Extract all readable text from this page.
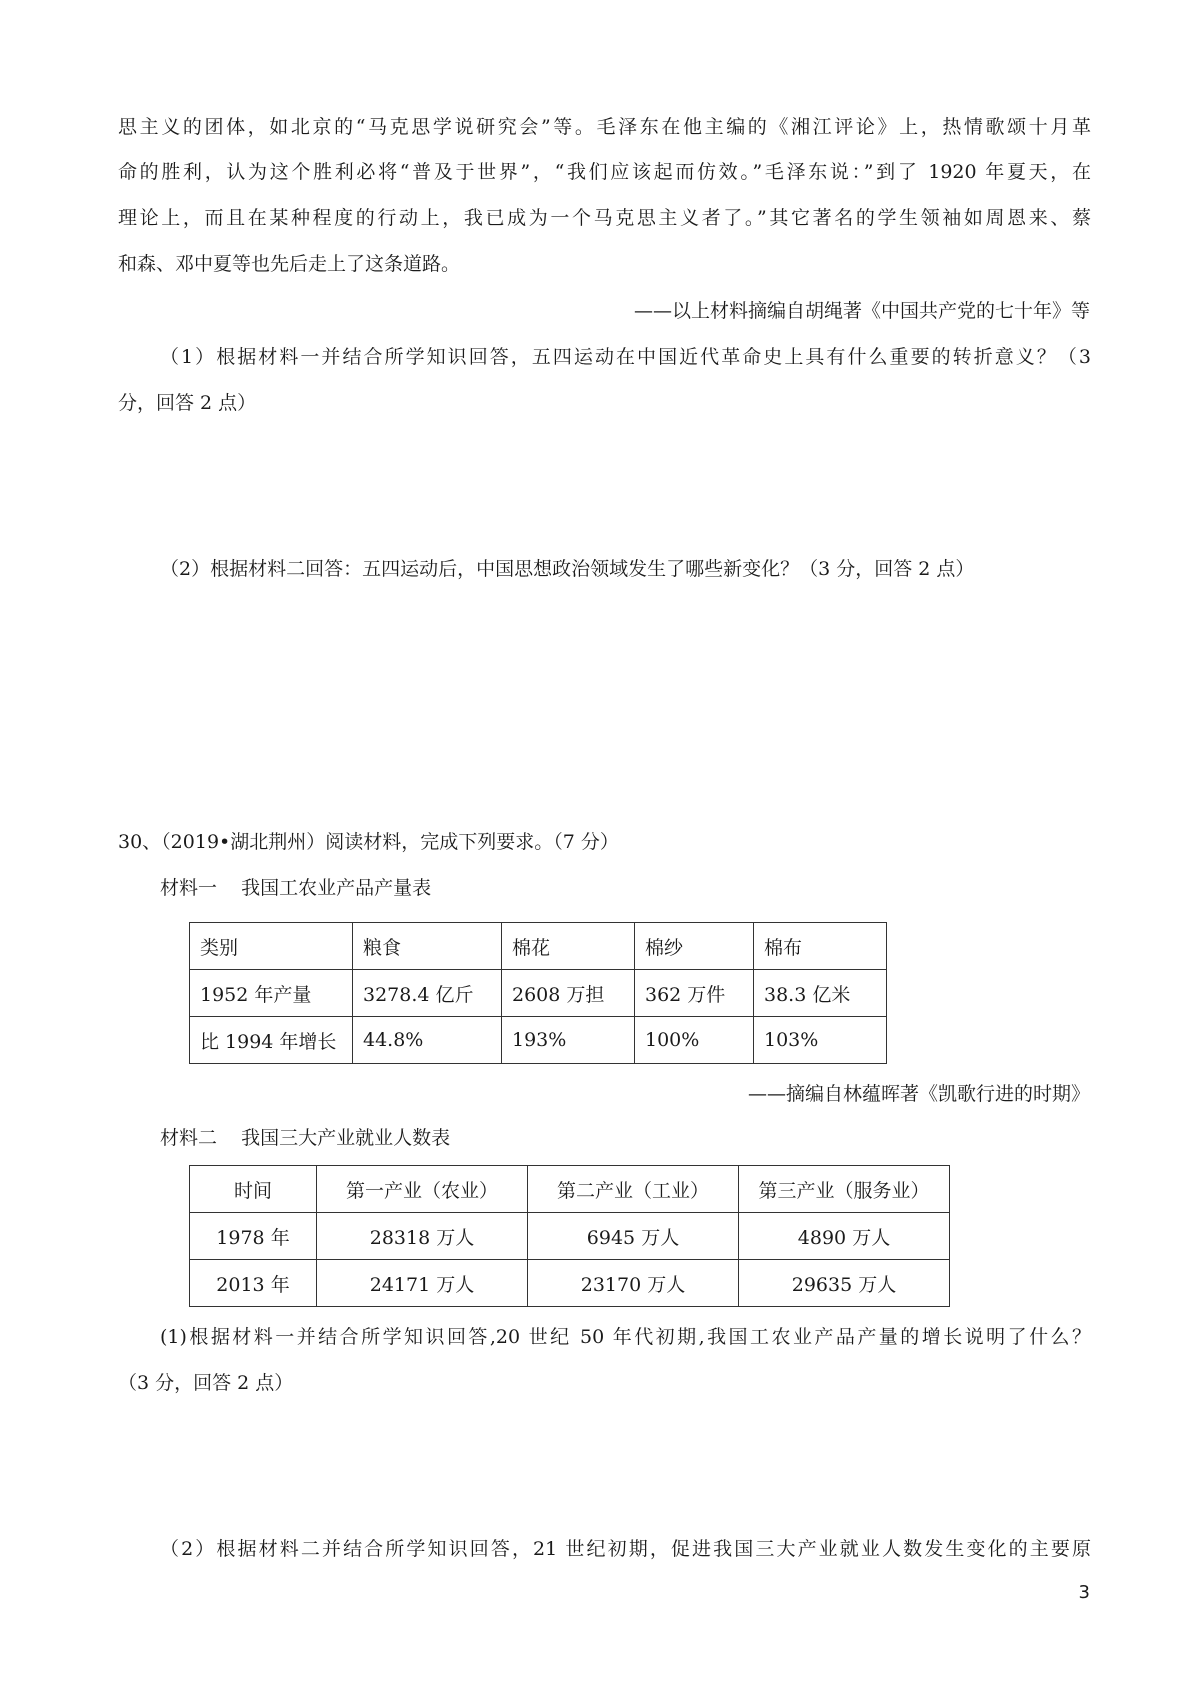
思主义的团体，如北京的“马克思学说研究会”等。毛泽东在他主编的《湘江评论》上，热情歌颂十月革
命的胜利，认为这个胜利必将“普及于世界”，“我们应该起而仿效。”毛泽东说：”到了 1920 年夏天，在
理论上，而且在某种程度的行动上，我已成为一个马克思主义者了。”其它著名的学生领袖如周恩来、蔡
和森、邓中夏等也先后走上了这条道路。
——以上材料摘编自胡绳著《中国共产党的七十年》等
（1）根据材料一并结合所学知识回答，五四运动在中国近代革命史上具有什么重要的转折意义？（3
分，回答 2 点）
（2）根据材料二回答：五四运动后，中国思想政治领域发生了哪些新变化？（3 分，回答 2 点）
30、（2019•湖北荆州）阅读材料，完成下列要求。（7 分）
材料一    我国工农业产品产量表
类别	粮食	棉花	棉纱	棉布
1952 年产量	3278.4 亿斤	2608 万担	362 万件	38.3 亿米
比 1994 年增长	44.8%	193%	100%	103%
——摘编自林蕴晖著《凯歌行进的时期》
材料二    我国三大产业就业人数表
时间	第一产业（农业）	第二产业（工业）	第三产业（服务业）
1978 年	28318 万人	6945 万人	4890 万人
2013 年	24171 万人	23170 万人	29635 万人
(1)根据材料一并结合所学知识回答,20 世纪 50 年代初期,我国工农业产品产量的增长说明了什么？
（3 分，回答 2 点）
（2）根据材料二并结合所学知识回答，21 世纪初期，促进我国三大产业就业人数发生变化的主要原
3
